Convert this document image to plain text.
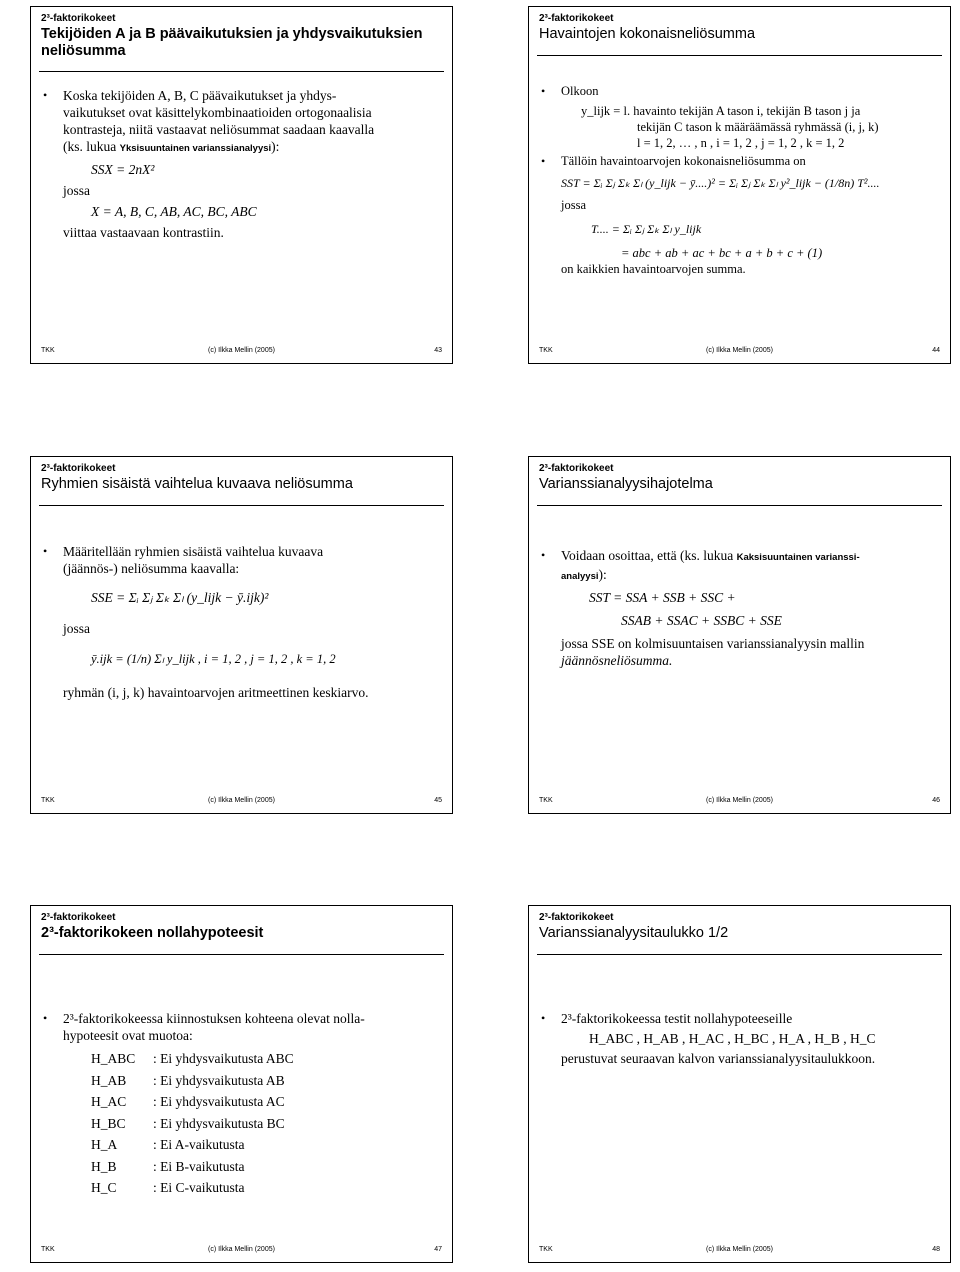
2³-faktorikokeet
Tekijöiden A ja B päävaikutuksien ja yhdysvaikutuksien neliösumma
•	Koska tekijöiden A, B, C päävaikutukset ja yhdys-
vaikutukset ovat käsittelykombinaatioiden ortogonaalisia
kontrasteja, niitä vastaavat neliösummat saadaan kaavalla
(ks. lukua Yksisuuntainen varianssianalyysi):
SSX = 2nX²
jossa
X = A, B, C, AB, AC, BC, ABC
viittaa vastaavaan kontrastiin.
TKK	(c) Ilkka Mellin (2005)	43
2³-faktorikokeet
Havaintojen kokonaisneliösumma
•	Olkoon
y_lijk = l. havainto tekijän A tason i, tekijän B tason j ja
tekijän C tason k määräämässä ryhmässä (i, j, k)
l = 1, 2, … , n , i = 1, 2 , j = 1, 2 , k = 1, 2
•	Tällöin havaintoarvojen kokonaisneliösumma on
SST = Σᵢ Σⱼ Σₖ Σₗ (y_lijk − ȳ....)² = Σᵢ Σⱼ Σₖ Σₗ y²_lijk − (1/8n) T²....
jossa
T.... = Σᵢ Σⱼ Σₖ Σₗ y_lijk
= abc + ab + ac + bc + a + b + c + (1)
on kaikkien havaintoarvojen summa.
TKK	(c) Ilkka Mellin (2005)	44
2³-faktorikokeet
Ryhmien sisäistä vaihtelua kuvaava neliösumma
•	Määritellään ryhmien sisäistä vaihtelua kuvaava
(jäännös-) neliösumma kaavalla:
SSE = Σᵢ Σⱼ Σₖ Σₗ (y_lijk − ȳ.ijk)²
jossa
ȳ.ijk = (1/n) Σₗ y_lijk , i = 1, 2 , j = 1, 2 , k = 1, 2
ryhmän (i, j, k) havaintoarvojen aritmeettinen keskiarvo.
TKK	(c) Ilkka Mellin (2005)	45
2³-faktorikokeet
Varianssianalyysihajotelma
•	Voidaan osoittaa, että (ks. lukua Kaksisuuntainen varianssi-
analyysi):
SST = SSA + SSB + SSC +
SSAB + SSAC + SSBC + SSE
jossa SSE on kolmisuuntaisen varianssianalyysin mallin
jäännösneliösumma.
TKK	(c) Ilkka Mellin (2005)	46
2³-faktorikokeet
2³-faktorikokeen nollahypoteesit
•	2³-faktorikokeessa kiinnostuksen kohteena olevat nolla-
hypoteesit ovat muotoa:
H_ABC : Ei yhdysvaikutusta ABC
H_AB : Ei yhdysvaikutusta AB
H_AC : Ei yhdysvaikutusta AC
H_BC : Ei yhdysvaikutusta BC
H_A	: Ei A-vaikutusta
H_B	: Ei B-vaikutusta
H_C	: Ei C-vaikutusta
TKK	(c) Ilkka Mellin (2005)	47
2³-faktorikokeet
Varianssianalyysitaulukko 1/2
•	2³-faktorikokeessa testit nollahypoteeseille
H_ABC , H_AB , H_AC , H_BC , H_A , H_B , H_C
perustuvat seuraavan kalvon varianssianalyysitaulukkoon.
TKK	(c) Ilkka Mellin (2005)	48
